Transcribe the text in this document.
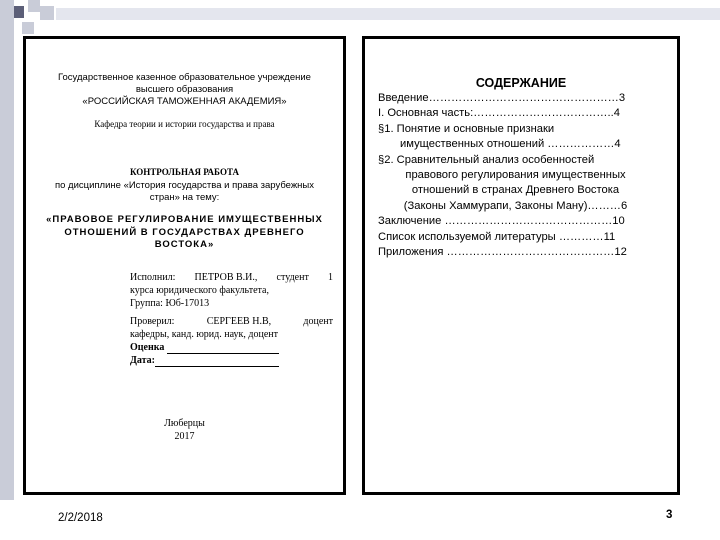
Государственное казенное образовательное учреждение
высшего образования
«РОССИЙСКАЯ ТАМОЖЕННАЯ АКАДЕМИЯ»
Кафедра теории и истории государства и права
КОНТРОЛЬНАЯ РАБОТА
по дисциплине «История государства и права зарубежных
стран» на тему:
«ПРАВОВОЕ РЕГУЛИРОВАНИЕ ИМУЩЕСТВЕННЫХ
ОТНОШЕНИЙ В ГОСУДАРСТВАХ ДРЕВНЕГО
ВОСТОКА»
Исполнил: ПЕТРОВ В.И., студент 1
курса юридического факультета,
Группа: Юб-17013
Проверил:	СЕРГЕЕВ Н.В,	доцент
кафедры, канд. юрид. наук, доцент
Оценка
Дата:
Люберцы
2017
СОДЕРЖАНИЕ
Введение……………………………………………3
I. Основная часть:………………………………..4
§1. Понятие и основные признаки
имущественных отношений ………………4
§2. Сравнительный анализ особенностей
правового регулирования имущественных
отношений в странах Древнего Востока
(Законы Хаммурапи, Законы Ману)………6
Заключение ………………………………………10
Список используемой литературы …………11
Приложения ………………………………………12
2/2/2018	3
